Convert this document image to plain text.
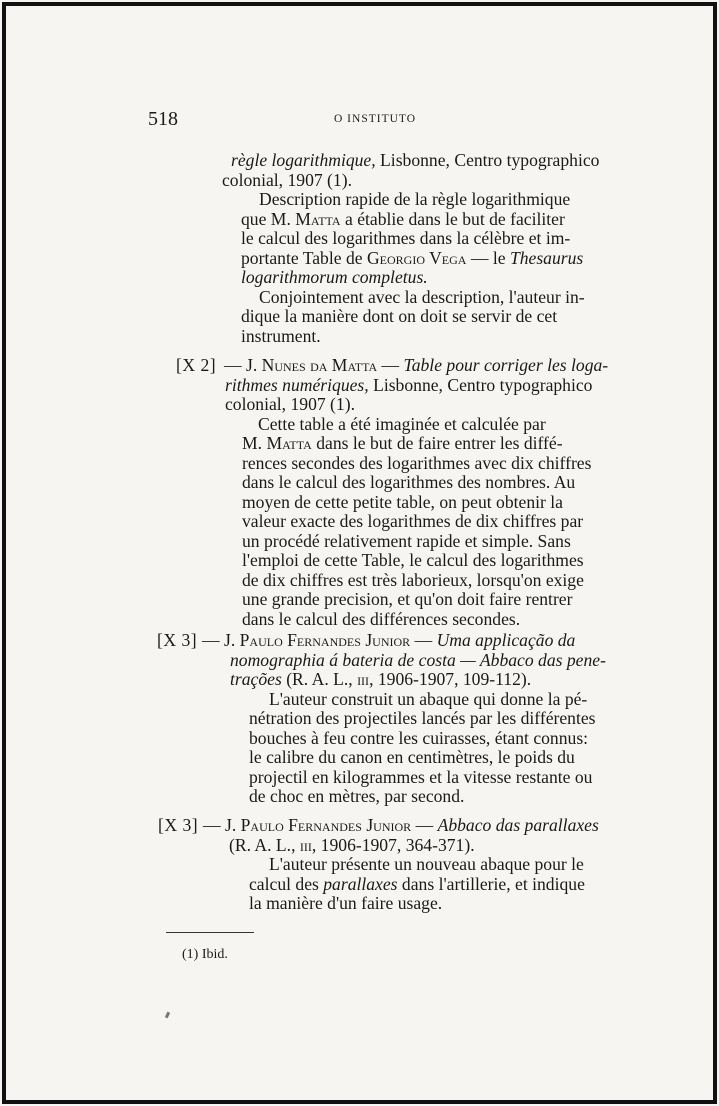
518	O INSTITUTO
règle logarithmique, Lisbonne, Centro typographico
colonial, 1907 (1).
Description rapide de la règle logarithmique
que M. Matta a établie dans le but de faciliter
le calcul des logarithmes dans la célèbre et im-
portante Table de Georgio Vega — le Thesaurus
logarithmorum completus.
Conjointement avec la description, l'auteur in-
dique la manière dont on doit se servir de cet
instrument.
[X 2] — J. Nunes da Matta — Table pour corriger les loga-
rithmes numériques, Lisbonne, Centro typographico
colonial, 1907 (1).
Cette table a été imaginée et calculée par
M. Matta dans le but de faire entrer les diffé-
rences secondes des logarithmes avec dix chiffres
dans le calcul des logarithmes des nombres. Au
moyen de cette petite table, on peut obtenir la
valeur exacte des logarithmes de dix chiffres par
un procédé relativement rapide et simple. Sans
l'emploi de cette Table, le calcul des logarithmes
de dix chiffres est très laborieux, lorsqu'on exige
une grande precision, et qu'on doit faire rentrer
dans le calcul des différences secondes.
[X 3] — J. Paulo Fernandes Junior — Uma applicação da
nomographia á bateria de costa — Abbaco das pene-
trações (R. A. L., iii, 1906-1907, 109-112).
L'auteur construit un abaque qui donne la pé-
nétration des projectiles lancés par les différentes
bouches à feu contre les cuirasses, étant connus:
le calibre du canon en centimètres, le poids du
projectil en kilogrammes et la vitesse restante ou
de choc en mètres, par second.
[X 3] — J. Paulo Fernandes Junior — Abbaco das parallaxes
(R. A. L., iii, 1906-1907, 364-371).
L'auteur présente un nouveau abaque pour le
calcul des parallaxes dans l'artillerie, et indique
la manière d'un faire usage.
(1) Ibid.
